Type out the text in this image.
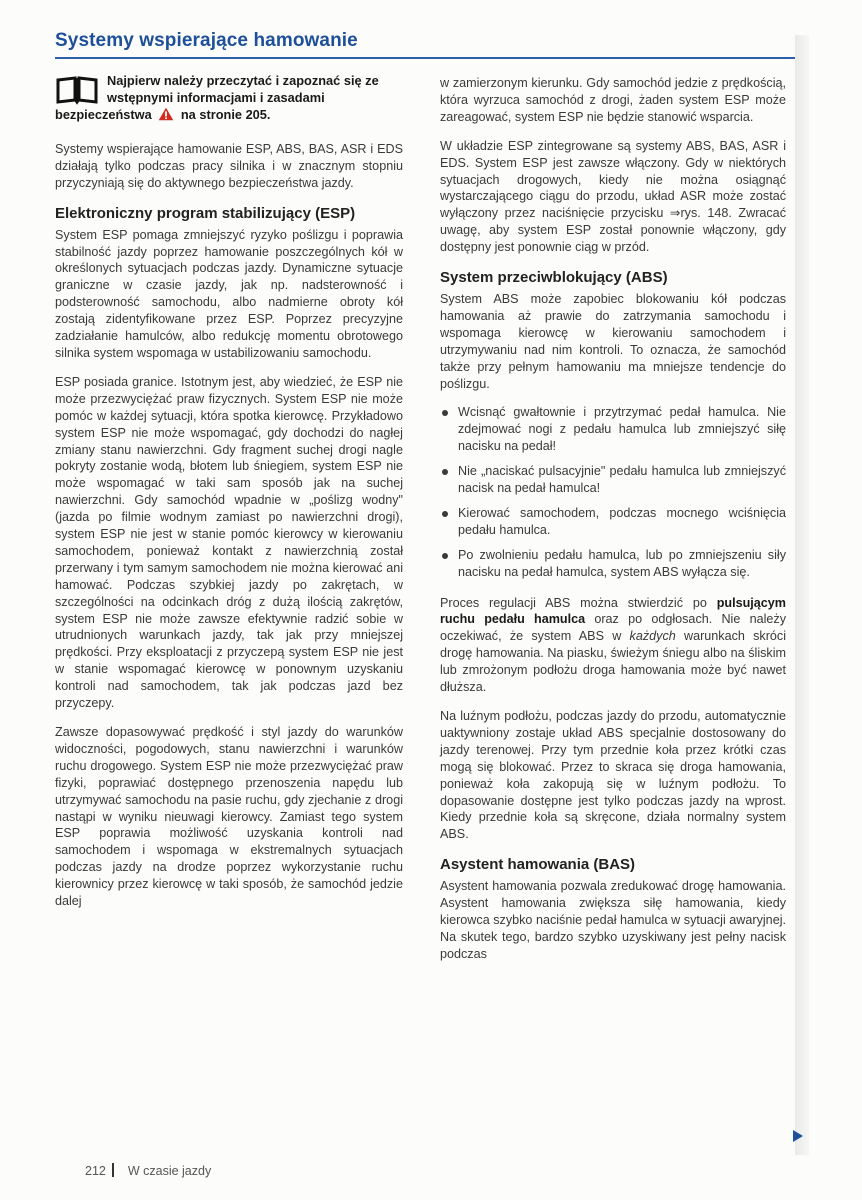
Systemy wspierające hamowanie
Najpierw należy przeczytać i zapoznać się ze wstępnymi informacjami i zasadami bezpieczeństwa na stronie 205.

Systemy wspierające hamowanie ESP, ABS, BAS, ASR i EDS działają tylko podczas pracy silnika i w znacznym stopniu przyczyniają się do aktywnego bezpieczeństwa jazdy.

Elektroniczny program stabilizujący (ESP)

System ESP pomaga zmniejszyć ryzyko poślizgu i poprawia stabilność jazdy poprzez hamowanie poszczególnych kół w określonych sytuacjach podczas jazdy. Dynamiczne sytuacje graniczne w czasie jazdy, jak np. nadsterowność i podsterowność samochodu, albo nadmierne obroty kół zostają zidentyfikowane przez ESP. Poprzez precyzyjne zadziałanie hamulców, albo redukcję momentu obrotowego silnika system wspomaga w ustabilizowaniu samochodu.

ESP posiada granice. Istotnym jest, aby wiedzieć, że ESP nie może przezwyciężać praw fizycznych. System ESP nie może pomóc w każdej sytuacji, która spotka kierowcę. Przykładowo system ESP nie może wspomagać, gdy dochodzi do nagłej zmiany stanu nawierzchni. Gdy fragment suchej drogi nagle pokryty zostanie wodą, błotem lub śniegiem, system ESP nie może wspomagać w taki sam sposób jak na suchej nawierzchni. Gdy samochód wpadnie w „poślizg wodny" (jazda po filmie wodnym zamiast po nawierzchni drogi), system ESP nie jest w stanie pomóc kierowcy w kierowaniu samochodem, ponieważ kontakt z nawierzchnią został przerwany i tym samym samochodem nie można kierować ani hamować. Podczas szybkiej jazdy po zakrętach, w szczególności na odcinkach dróg z dużą ilością zakrętów, system ESP nie może zawsze efektywnie radzić sobie w utrudnionych warunkach jazdy, tak jak przy mniejszej prędkości. Przy eksploatacji z przyczepą system ESP nie jest w stanie wspomagać kierowcę w ponownym uzyskaniu kontroli nad samochodem, tak jak podczas jazd bez przyczepy.

Zawsze dopasowywać prędkość i styl jazdy do warunków widoczności, pogodowych, stanu nawierzchni i warunków ruchu drogowego. System ESP nie może przezwyciężać praw fizyki, poprawiać dostępnego przenoszenia napędu lub utrzymywać samochodu na pasie ruchu, gdy zjechanie z drogi nastąpi w wyniku nieuwagi kierowcy. Zamiast tego system ESP poprawia możliwość uzyskania kontroli nad samochodem i wspomaga w ekstremalnych sytuacjach podczas jazdy na drodze poprzez wykorzystanie ruchu kierownicy przez kierowcę w taki sposób, że samochód jedzie dalej

w zamierzonym kierunku. Gdy samochód jedzie z prędkością, która wyrzuca samochód z drogi, żaden system ESP może zareagować, system ESP nie będzie stanowić wsparcia.

W układzie ESP zintegrowane są systemy ABS, BAS, ASR i EDS. System ESP jest zawsze włączony. Gdy w niektórych sytuacjach drogowych, kiedy nie można osiągnąć wystarczającego ciągu do przodu, układ ASR może zostać wyłączony przez naciśnięcie przycisku ⇒rys. 148. Zwracać uwagę, aby system ESP został ponownie włączony, gdy dostępny jest ponownie ciąg w przód.

System przeciwblokujący (ABS)

System ABS może zapobiec blokowaniu kół podczas hamowania aż prawie do zatrzymania samochodu i wspomaga kierowcę w kierowaniu samochodem i utrzymywaniu nad nim kontroli. To oznacza, że samochód także przy pełnym hamowaniu ma mniejsze tendencje do poślizgu.

Wcisnąć gwałtownie i przytrzymać pedał hamulca. Nie zdejmować nogi z pedału hamulca lub zmniejszyć siłę nacisku na pedał!
Nie „naciskać pulsacyjnie" pedału hamulca lub zmniejszyć nacisk na pedał hamulca!
Kierować samochodem, podczas mocnego wciśnięcia pedału hamulca.
Po zwolnieniu pedału hamulca, lub po zmniejszeniu siły nacisku na pedał hamulca, system ABS wyłącza się.

Proces regulacji ABS można stwierdzić po pulsującym ruchu pedału hamulca oraz po odgłosach. Nie należy oczekiwać, że system ABS w każdych warunkach skróci drogę hamowania. Na piasku, świeżym śniegu albo na śliskim lub zmrożonym podłożu droga hamowania może być nawet dłuższa.

Na luźnym podłożu, podczas jazdy do przodu, automatycznie uaktywniony zostaje układ ABS specjalnie dostosowany do jazdy terenowej. Przy tym przednie koła przez krótki czas mogą się blokować. Przez to skraca się droga hamowania, ponieważ koła zakopują się w luźnym podłożu. To dopasowanie dostępne jest tylko podczas jazdy na wprost. Kiedy przednie koła są skręcone, działa normalny system ABS.

Asystent hamowania (BAS)

Asystent hamowania pozwala zredukować drogę hamowania. Asystent hamowania zwiększa siłę hamowania, kiedy kierowca szybko naciśnie pedał hamulca w sytuacji awaryjnej. Na skutek tego, bardzo szybko uzyskiwany jest pełny nacisk podczas

212 W czasie jazdy
